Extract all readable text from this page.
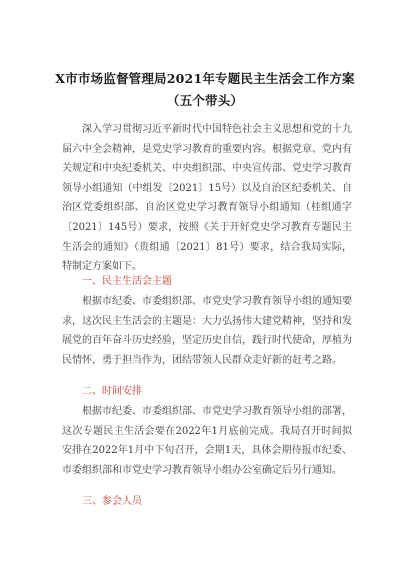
X市市场监督管理局2021年专题民主生活会工作方案（五个带头）
深入学习贯彻习近平新时代中国特色社会主义思想和党的十九届六中全会精神，是党史学习教育的重要内容。根据党章、党内有关规定和中央纪委机关、中央组织部、中央宣传部、党史学习教育领导小组通知（中组发〔2021〕15号）以及自治区纪委机关、自治区党委组织部、自治区党史学习教育领导小组通知（桂组通字〔2021〕145号）要求，按照《关于开好党史学习教育专题民主生活会的通知》（贵组通〔2021〕81号）要求，结合我局实际，特制定方案如下。
一、民主生活会主题
根据市纪委、市委组织部、市党史学习教育领导小组的通知要求，这次民主生活会的主题是：大力弘扬伟大建党精神，坚持和发展党的百年奋斗历史经验，坚定历史自信，践行时代使命，厚植为民情怀，勇于担当作为，团结带领人民群众走好新的赶考之路。
二、时间安排
根据市纪委、市委组织部、市党史学习教育领导小组的部署，这次专题民主生活会要在2022年1月底前完成。我局召开时间拟安排在2022年1月中下旬召开，会期1天，具体会期待报市纪委、市委组织部和市党史学习教育领导小组办公室确定后另行通知。
三、参会人员
